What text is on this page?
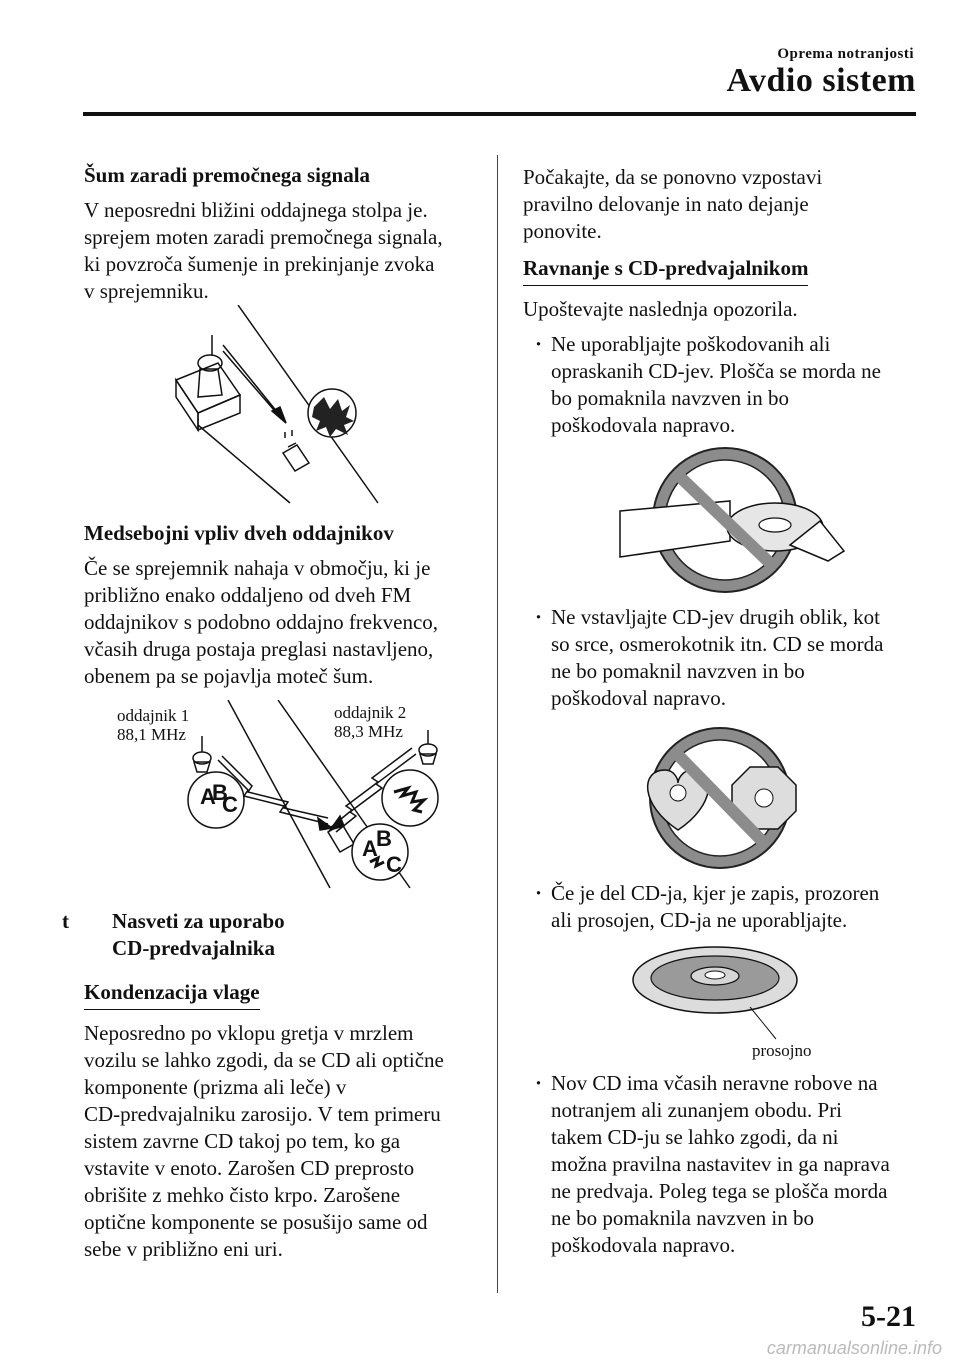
Oprema notranjosti
Avdio sistem
Šum zaradi premočnega signala

V neposredni bližini oddajnega stolpa je.

sprejem moten zaradi premočnega signala,

ki povzroča šumenje in prekinjanje zvoka

v sprejemniku.

Medsebojni vpliv dveh oddajnikov

Če se sprejemnik nahaja v območju, ki je

približno enako oddaljeno od dveh FM

oddajnikov s podobno oddajno frekvenco,

včasih druga postaja preglasi nastavljeno,

obenem pa se pojavlja moteč šum.

oddajnik 1
88,1 MHz
oddajnik 2
88,3 MHz
A
B
C
A
B
C
t Nasveti za uporabo
CD-predvajalnika
Kondenzacija vlage

Neposredno po vklopu gretja v mrzlem

vozilu se lahko zgodi, da se CD ali optične

komponente (prizma ali leče) v

CD-predvajalniku zarosijo. V tem primeru

sistem zavrne CD takoj po tem, ko ga

vstavite v enoto. Zarošen CD preprosto

obrišite z mehko čisto krpo. Zarošene

optične komponente se posušijo same od

sebe v približno eni uri.

Počakajte, da se ponovno vzpostavi

pravilno delovanje in nato dejanje

ponovite.

Ravnanje s CD-predvajalnikom

Upoštevajte naslednja opozorila.

· Ne uporabljajte poškodovanih ali

opraskanih CD-jev. Plošča se morda ne

bo pomaknila navzven in bo

poškodovala napravo.

· Ne vstavljajte CD-jev drugih oblik, kot

so srce, osmerokotnik itn. CD se morda

ne bo pomaknil navzven in bo

poškodoval napravo.

· Če je del CD-ja, kjer je zapis, prozoren

ali prosojen, CD-ja ne uporabljajte.

prosojno
· Nov CD ima včasih neravne robove na

notranjem ali zunanjem obodu. Pri

takem CD-ju se lahko zgodi, da ni

možna pravilna nastavitev in ga naprava

ne predvaja. Poleg tega se plošča morda

ne bo pomaknila navzven in bo

poškodovala napravo.

5-21
carmanualsonline.info
